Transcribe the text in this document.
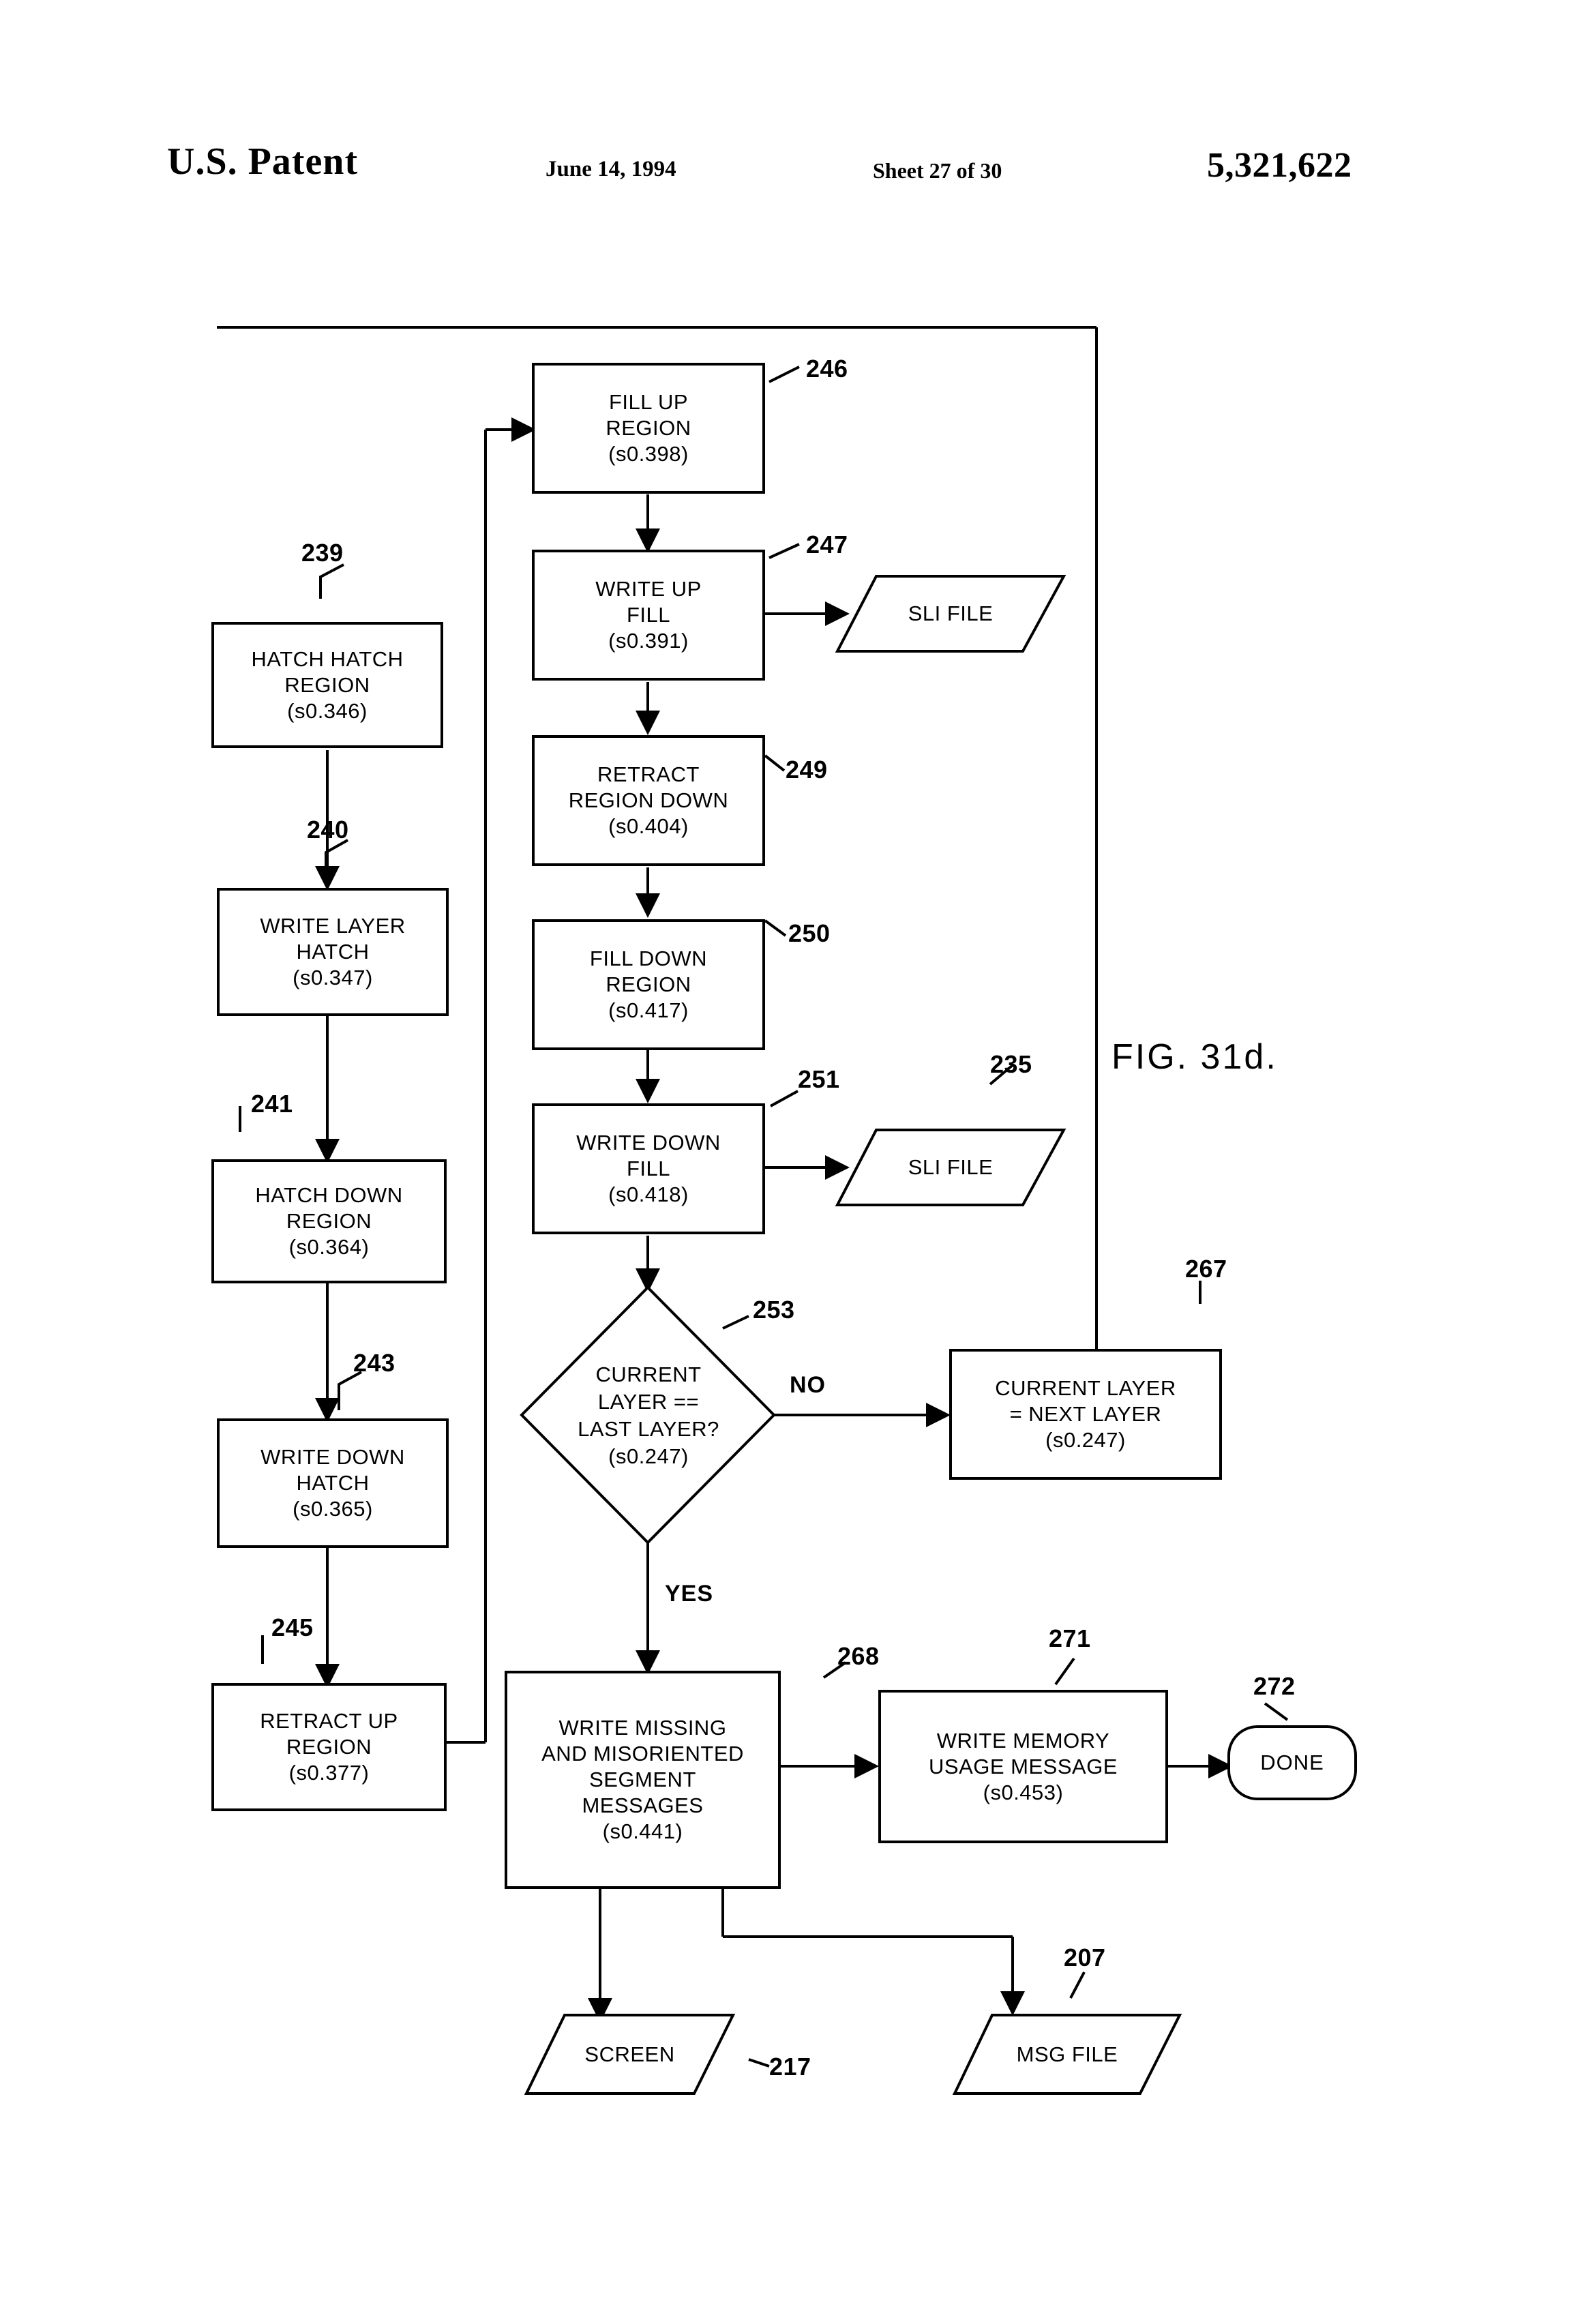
U.S. Patent	June 14, 1994	Sheet 27 of 30	5,321,622
HATCH HATCH
REGION
(s0.346)
239
WRITE LAYER
HATCH
(s0.347)
240
HATCH DOWN
REGION
(s0.364)
241
WRITE DOWN
HATCH
(s0.365)
243
RETRACT UP
REGION
(s0.377)
245
FILL UP
REGION
(s0.398)
246
WRITE UP
FILL
(s0.391)
247
RETRACT
REGION DOWN
(s0.404)
249
FILL DOWN
REGION
(s0.417)
250
WRITE DOWN
FILL
(s0.418)
251
CURRENT
LAYER ==
LAST LAYER?
(s0.247)
253
NO
YES
CURRENT LAYER
= NEXT LAYER
(s0.247)
267
WRITE MISSING
AND MISORIENTED
SEGMENT
MESSAGES
(s0.441)
268
WRITE MEMORY
USAGE MESSAGE
(s0.453)
271
DONE
272
SLI FILE
SLI FILE
235
SCREEN	217	MSG FILE
207
FIG. 31d.
